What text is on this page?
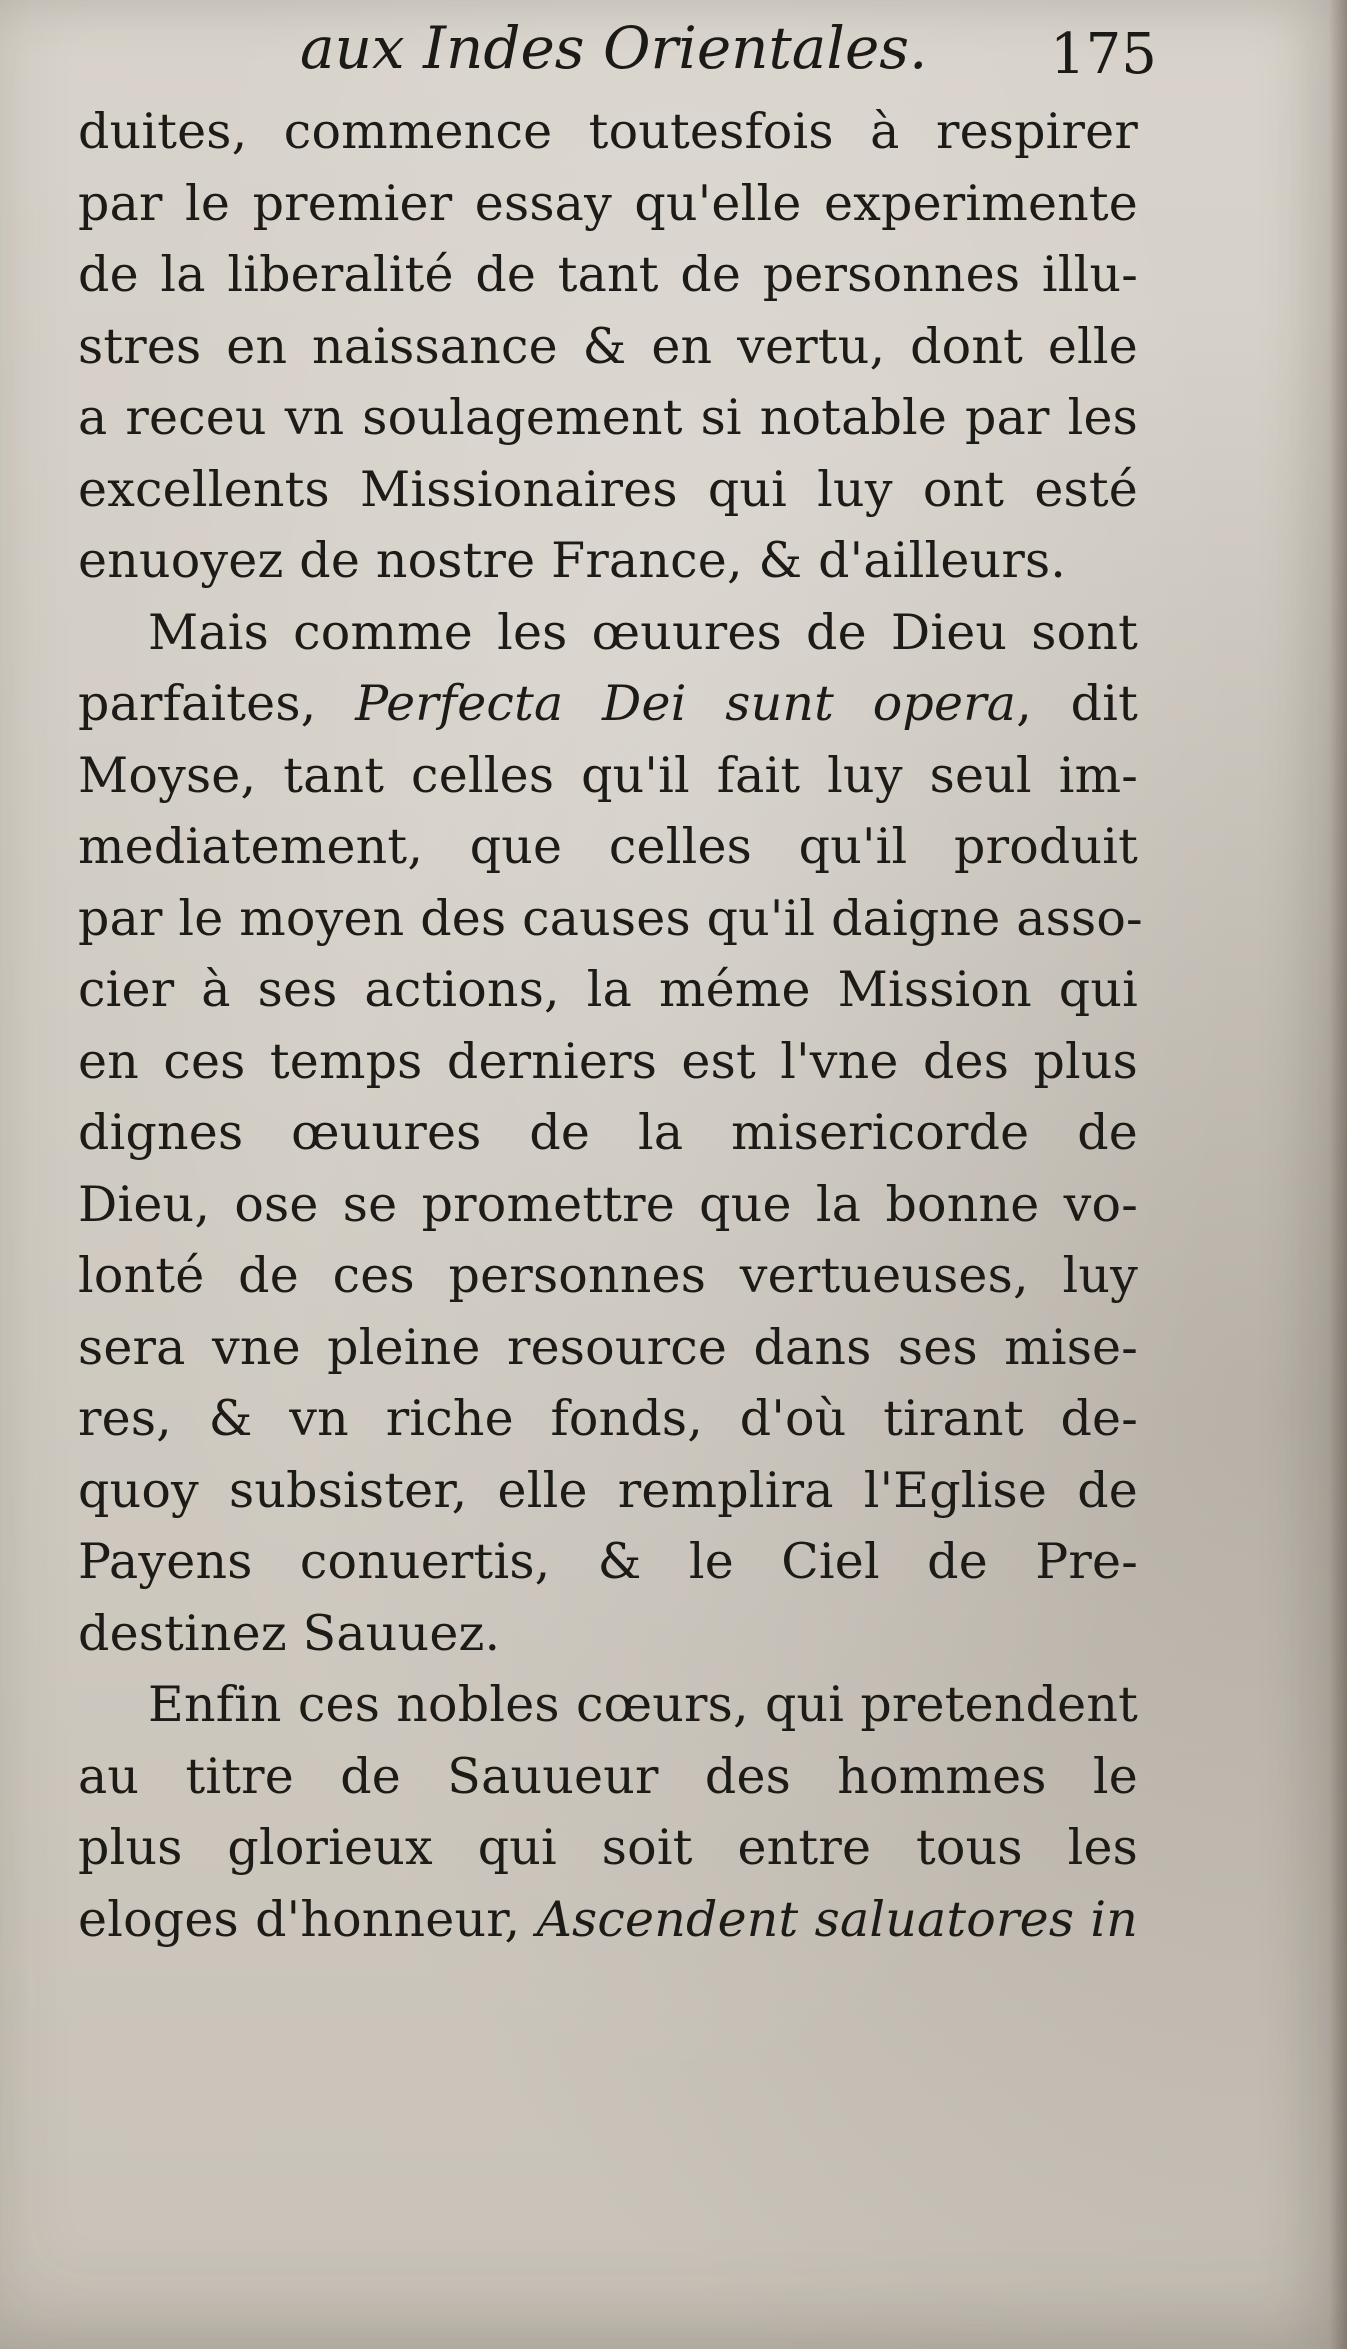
aux Indes Orientales.	175
duites, commence toutesfois à respirer
par le premier essay qu'elle experimente
de la liberalité de tant de personnes illu-
stres en naissance & en vertu, dont elle
a receu vn soulagement si notable par les
excellents Missionaires qui luy ont esté
enuoyez de nostre France, & d'ailleurs.
Mais comme les œuures de Dieu sont
parfaites, Perfecta Dei sunt opera, dit
Moyse, tant celles qu'il fait luy seul im-
mediatement, que celles qu'il produit
par le moyen des causes qu'il daigne asso-
cier à ses actions, la méme Mission qui
en ces temps derniers est l'vne des plus
dignes œuures de la misericorde de
Dieu, ose se promettre que la bonne vo-
lonté de ces personnes vertueuses, luy
sera vne pleine resource dans ses mise-
res, & vn riche fonds, d'où tirant de-
quoy subsister, elle remplira l'Eglise de
Payens conuertis, & le Ciel de Pre-
destinez Sauuez.
Enfin ces nobles cœurs, qui pretendent
au titre de Sauueur des hommes le
plus glorieux qui soit entre tous les
eloges d'honneur, Ascendent saluatores in
